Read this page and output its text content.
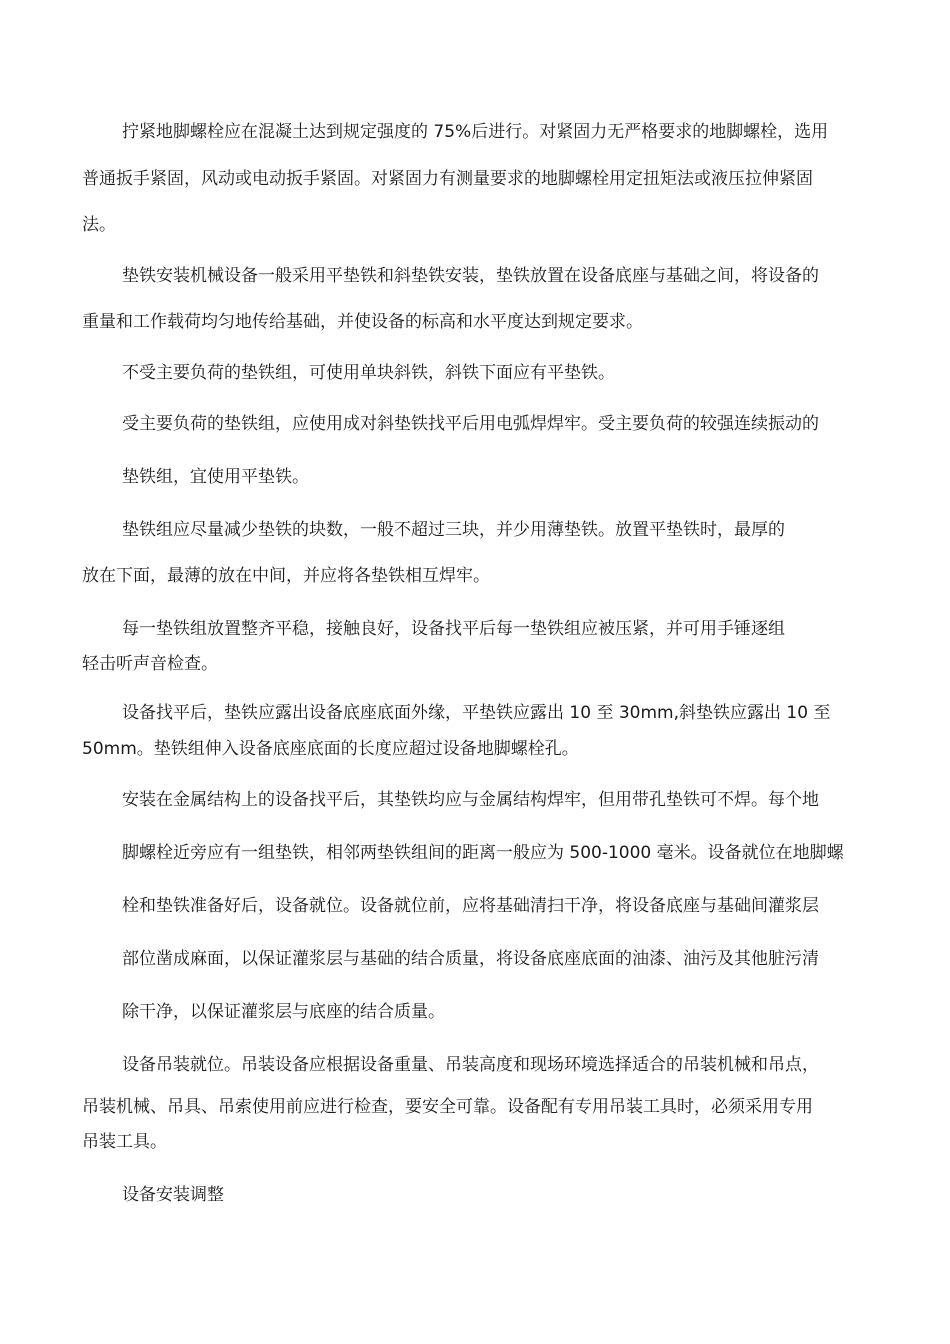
拧紧地脚螺栓应在混凝土达到规定强度的 75%后进行。对紧固力无严格要求的地脚螺栓，选用
普通扳手紧固，风动或电动扳手紧固。对紧固力有测量要求的地脚螺栓用定扭矩法或液压拉伸紧固
法。
垫铁安装机械设备一般采用平垫铁和斜垫铁安装，垫铁放置在设备底座与基础之间，将设备的
重量和工作载荷均匀地传给基础，并使设备的标高和水平度达到规定要求。
不受主要负荷的垫铁组，可使用单块斜铁，斜铁下面应有平垫铁。
受主要负荷的垫铁组，应使用成对斜垫铁找平后用电弧焊焊牢。受主要负荷的较强连续振动的
垫铁组，宜使用平垫铁。
垫铁组应尽量减少垫铁的块数，一般不超过三块，并少用薄垫铁。放置平垫铁时，最厚的
放在下面，最薄的放在中间，并应将各垫铁相互焊牢。
每一垫铁组放置整齐平稳，接触良好，设备找平后每一垫铁组应被压紧，并可用手锤逐组
轻击听声音检查。
设备找平后，垫铁应露出设备底座底面外缘，平垫铁应露出 10 至 30mm,斜垫铁应露出 10 至
50mm。垫铁组伸入设备底座底面的长度应超过设备地脚螺栓孔。
安装在金属结构上的设备找平后，其垫铁均应与金属结构焊牢，但用带孔垫铁可不焊。每个地
脚螺栓近旁应有一组垫铁，相邻两垫铁组间的距离一般应为 500-1000 毫米。设备就位在地脚螺
栓和垫铁准备好后，设备就位。设备就位前，应将基础清扫干净，将设备底座与基础间灌浆层
部位凿成麻面，以保证灌浆层与基础的结合质量，将设备底座底面的油漆、油污及其他脏污清
除干净，以保证灌浆层与底座的结合质量。
设备吊装就位。吊装设备应根据设备重量、吊装高度和现场环境选择适合的吊装机械和吊点，
吊装机械、吊具、吊索使用前应进行检查，要安全可靠。设备配有专用吊装工具时，必须采用专用
吊装工具。
设备安装调整
